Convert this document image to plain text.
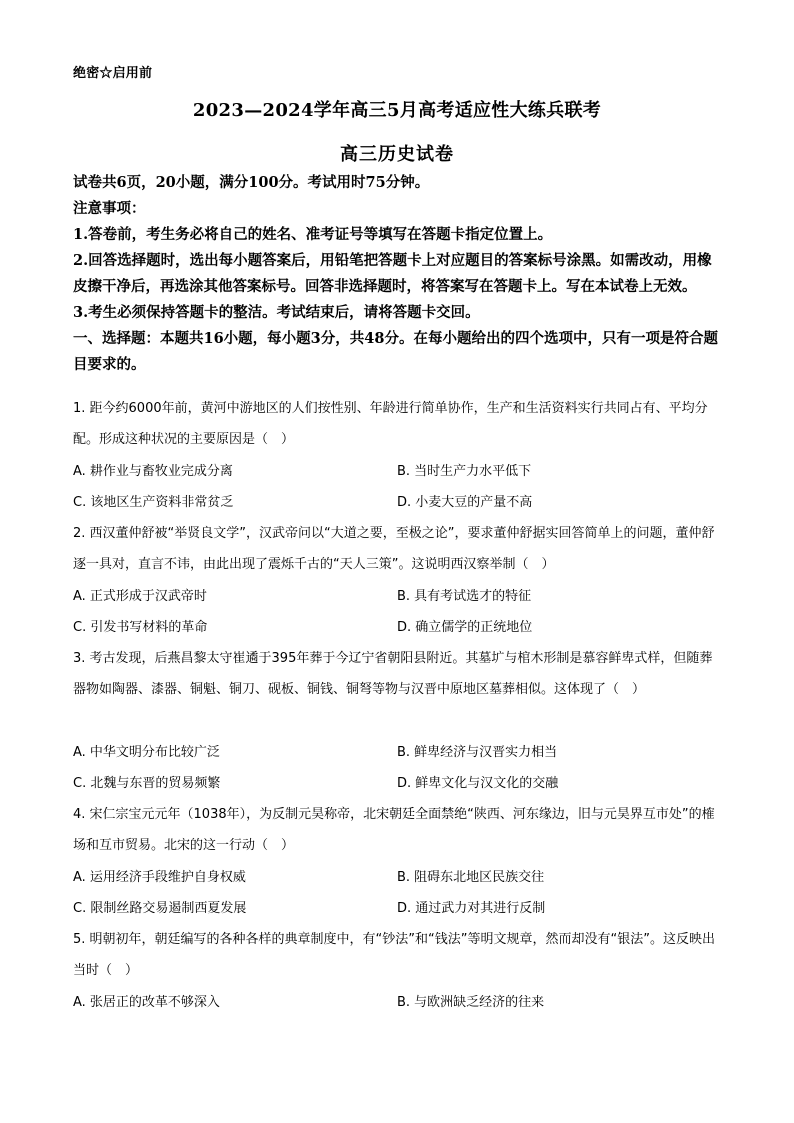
绝密☆启用前
2023—2024学年高三5月高考适应性大练兵联考
高三历史试卷

试卷共6页，20小题，满分100分。考试用时75分钟。

注意事项：

1.答卷前，考生务必将自己的姓名、准考证号等填写在答题卡指定位置上。

2.回答选择题时，选出每小题答案后，用铅笔把答题卡上对应题目的答案标号涂黑。如需改动，用橡皮擦干净后，再选涂其他答案标号。回答非选择题时，将答案写在答题卡上。写在本试卷上无效。

3.考生必须保持答题卡的整洁。考试结束后，请将答题卡交回。

一、选择题：本题共16小题，每小题3分，共48分。在每小题给出的四个选项中，只有一项是符合题目要求的。

1. 距今约6000年前，黄河中游地区的人们按性别、年龄进行简单协作，生产和生活资料实行共同占有、平均分配。形成这种状况的主要原因是（　）

A. 耕作业与畜牧业完成分离	B. 当时生产力水平低下
C. 该地区生产资料非常贫乏	D. 小麦大豆的产量不高

2. 西汉董仲舒被“举贤良文学”，汉武帝问以“大道之要，至极之论”，要求董仲舒据实回答简单上的问题，董仲舒逐一具对，直言不讳，由此出现了震烁千古的“天人三策”。这说明西汉察举制（　）

A. 正式形成于汉武帝时	B. 具有考试选才的特征
C. 引发书写材料的革命	D. 确立儒学的正统地位

3. 考古发现，后燕昌黎太守崔遹于395年葬于今辽宁省朝阳县附近。其墓圹与棺木形制是慕容鲜卑式样，但随葬器物如陶器、漆器、铜魁、铜刀、砚板、铜钱、铜弩等物与汉晋中原地区墓葬相似。这体现了（　）

A. 中华文明分布比较广泛	B. 鲜卑经济与汉晋实力相当
C. 北魏与东晋的贸易频繁	D. 鲜卑文化与汉文化的交融

4. 宋仁宗宝元元年（1038年），为反制元昊称帝，北宋朝廷全面禁绝“陕西、河东缘边，旧与元昊界互市处”的榷场和互市贸易。北宋的这一行动（　）

A. 运用经济手段维护自身权威	B. 阻碍东北地区民族交往
C. 限制丝路交易遏制西夏发展	D. 通过武力对其进行反制

5. 明朝初年，朝廷编写的各种各样的典章制度中，有“钞法”和“钱法”等明文规章，然而却没有“银法”。这反映出当时（　）

A. 张居正的改革不够深入	B. 与欧洲缺乏经济的往来
